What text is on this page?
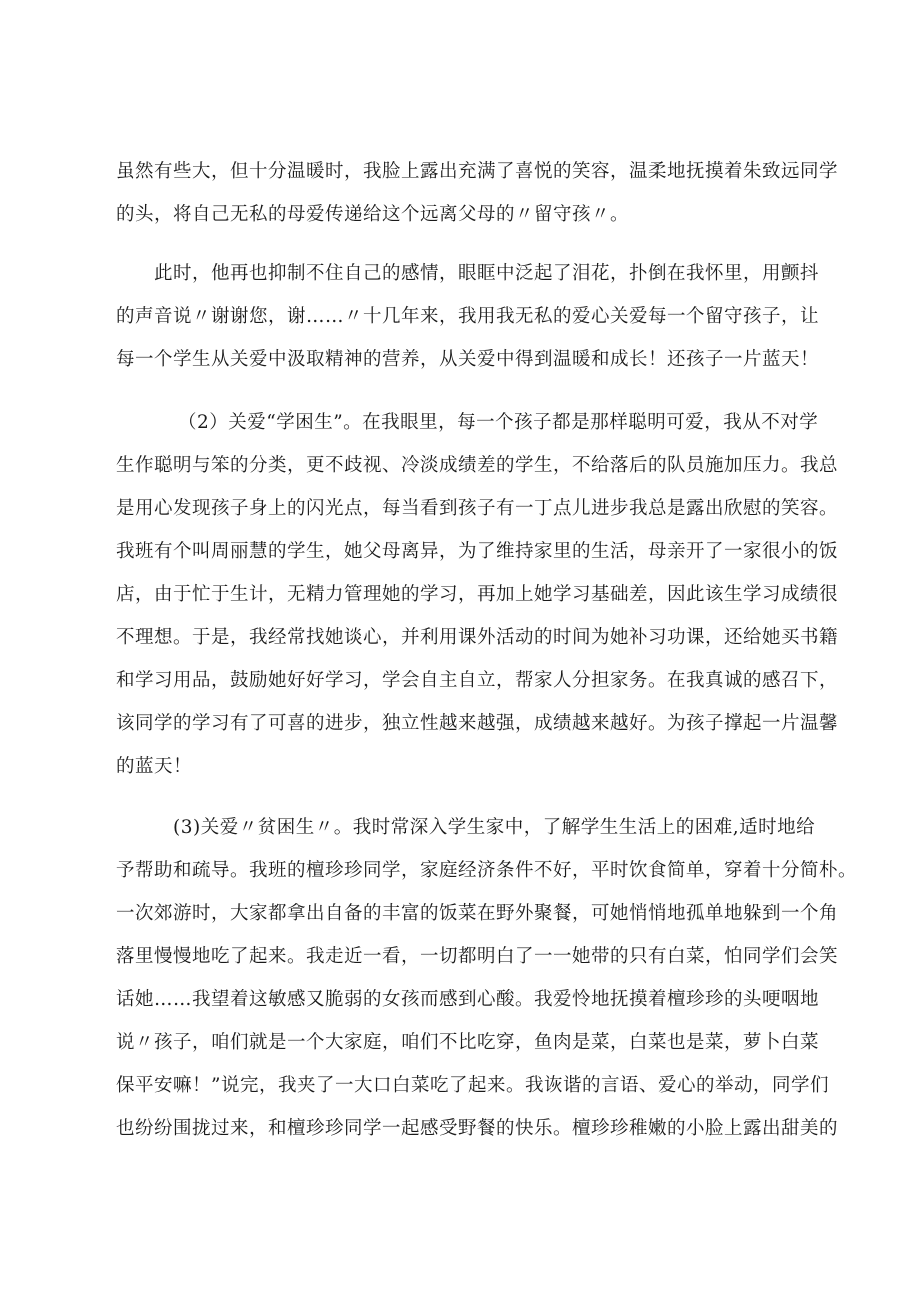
虽然有些大，但十分温暖时，我脸上露出充满了喜悦的笑容，温柔地抚摸着朱致远同学
的头，将自己无私的母爱传递给这个远离父母的〃留守孩〃。
此时，他再也抑制不住自己的感情，眼眶中泛起了泪花，扑倒在我怀里，用颤抖
的声音说〃谢谢您，谢……〃十几年来，我用我无私的爱心关爱每一个留守孩子，让
每一个学生从关爱中汲取精神的营养，从关爱中得到温暖和成长！还孩子一片蓝天！
（2）关爱“学困生”。在我眼里，每一个孩子都是那样聪明可爱，我从不对学
生作聪明与笨的分类，更不歧视、冷淡成绩差的学生，不给落后的队员施加压力。我总
是用心发现孩子身上的闪光点，每当看到孩子有一丁点儿进步我总是露出欣慰的笑容。
我班有个叫周丽慧的学生，她父母离异，为了维持家里的生活，母亲开了一家很小的饭
店，由于忙于生计，无精力管理她的学习，再加上她学习基础差，因此该生学习成绩很
不理想。于是，我经常找她谈心，并利用课外活动的时间为她补习功课，还给她买书籍
和学习用品，鼓励她好好学习，学会自主自立，帮家人分担家务。在我真诚的感召下，
该同学的学习有了可喜的进步，独立性越来越强，成绩越来越好。为孩子撑起一片温馨
的蓝天！
(3)关爱〃贫困生〃。我时常深入学生家中，了解学生生活上的困难,适时地给
予帮助和疏导。我班的檀珍珍同学，家庭经济条件不好，平时饮食简单，穿着十分简朴。
一次郊游时，大家都拿出自备的丰富的饭菜在野外聚餐，可她悄悄地孤单地躲到一个角
落里慢慢地吃了起来。我走近一看，一切都明白了一一她带的只有白菜，怕同学们会笑
话她……我望着这敏感又脆弱的女孩而感到心酸。我爱怜地抚摸着檀珍珍的头哽咽地
说〃孩子，咱们就是一个大家庭，咱们不比吃穿，鱼肉是菜，白菜也是菜，萝卜白菜
保平安嘛！”说完，我夹了一大口白菜吃了起来。我诙谐的言语、爱心的举动，同学们
也纷纷围拢过来，和檀珍珍同学一起感受野餐的快乐。檀珍珍稚嫩的小脸上露出甜美的
